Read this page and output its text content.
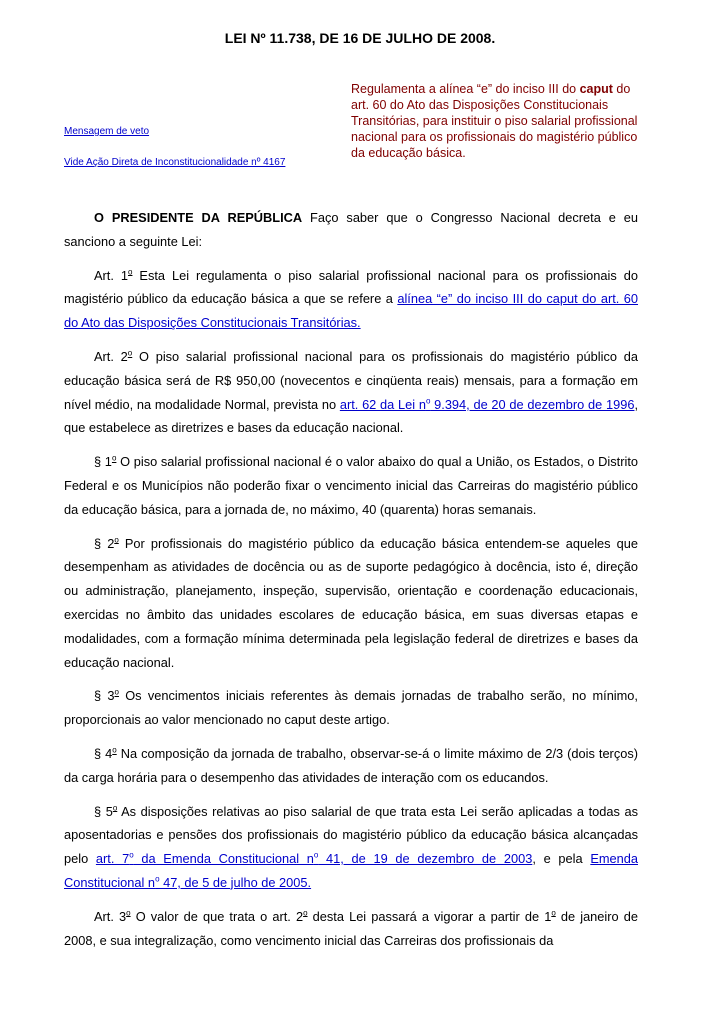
LEI Nº 11.738, DE 16 DE JULHO DE 2008.
Mensagem de veto
Vide Ação Direta de Inconstitucionalidade nº 4167
Regulamenta a alínea “e” do inciso III do caput do art. 60 do Ato das Disposições Constitucionais Transitórias, para instituir o piso salarial profissional nacional para os profissionais do magistério público da educação básica.

O PRESIDENTE DA REPÚBLICA Faço saber que o Congresso Nacional decreta e eu sanciono a seguinte Lei:

Art. 1$^o$ Esta Lei regulamenta o piso salarial profissional nacional para os profissionais do magistério público da educação básica a que se refere a alínea “e” do inciso III do caput do art. 60 do Ato das Disposições Constitucionais Transitórias.

Art. 2$^o$ O piso salarial profissional nacional para os profissionais do magistério público da educação básica será de R$ 950,00 (novecentos e cinqüenta reais) mensais, para a formação em nível médio, na modalidade Normal, prevista no art. 62 da Lei $n^o$ 9.394, de 20 de dezembro de 1996, que estabelece as diretrizes e bases da educação nacional.

§ 1$^o$ O piso salarial profissional nacional é o valor abaixo do qual a União, os Estados, o Distrito Federal e os Municípios não poderão fixar o vencimento inicial das Carreiras do magistério público da educação básica, para a jornada de, no máximo, 40 (quarenta) horas semanais.

§ 2$^o$ Por profissionais do magistério público da educação básica entendem-se aqueles que desempenham as atividades de docência ou as de suporte pedagógico à docência, isto é, direção ou administração, planejamento, inspeção, supervisão, orientação e coordenação educacionais, exercidas no âmbito das unidades escolares de educação básica, em suas diversas etapas e modalidades, com a formação mínima determinada pela legislação federal de diretrizes e bases da educação nacional.

§ 3$^o$ Os vencimentos iniciais referentes às demais jornadas de trabalho serão, no mínimo, proporcionais ao valor mencionado no caput deste artigo.

§ 4$^o$ Na composição da jornada de trabalho, observar-se-á o limite máximo de 2/3 (dois terços) da carga horária para o desempenho das atividades de interação com os educandos.

§ 5$^o$ As disposições relativas ao piso salarial de que trata esta Lei serão aplicadas a todas as aposentadorias e pensões dos profissionais do magistério público da educação básica alcançadas pelo art. 7$^o$ da Emenda Constitucional $n^o$ 41, de 19 de dezembro de 2003, e pela Emenda Constitucional $n^o$ 47, de 5 de julho de 2005.

Art. 3$^o$ O valor de que trata o art. 2$^o$ desta Lei passará a vigorar a partir de 1$^o$ de janeiro de 2008, e sua integralização, como vencimento inicial das Carreiras dos profissionais da
